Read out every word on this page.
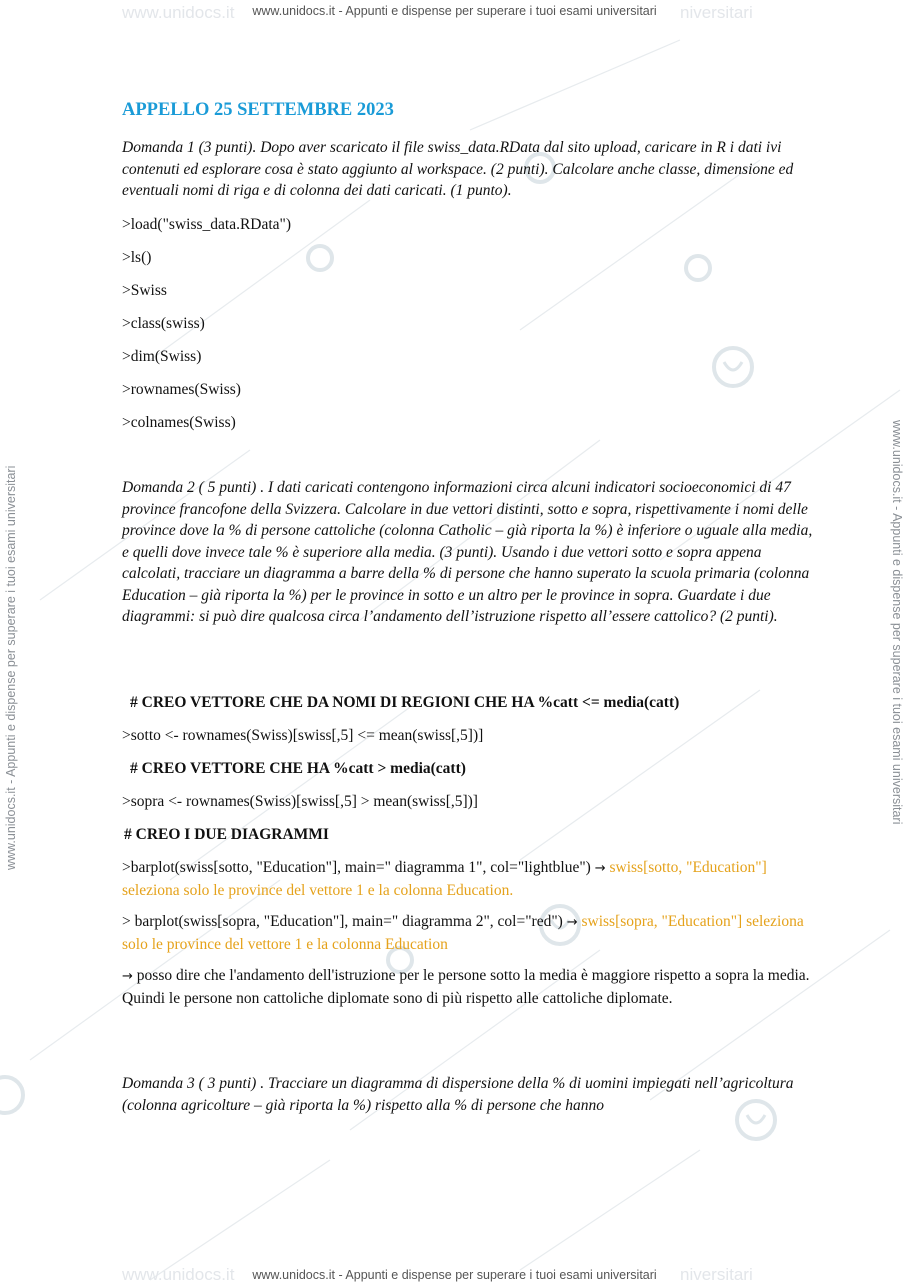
www.unidocs.it	niversitari
www.unidocs.it	niversitari
www.unidocs.it - Appunti e dispense per superare i tuoi esami universitari
www.unidocs.it - Appunti e dispense per superare i tuoi esami universitari
www.unidocs.it - Appunti e dispense per superare i tuoi esami universitari	www.unidocs.it - Appunti e dispense per superare i tuoi esami universitari
APPELLO 25 SETTEMBRE 2023

Domanda 1 (3 punti). Dopo aver scaricato il file swiss_data.RData dal sito upload, caricare in R i dati ivi contenuti ed esplorare cosa è stato aggiunto al workspace. (2 punti). Calcolare anche classe, dimensione ed eventuali nomi di riga e di colonna dei dati caricati. (1 punto).

>load("swiss_data.RData")

>ls()

>Swiss

>class(swiss)

>dim(Swiss)

>rownames(Swiss)

>colnames(Swiss)

Domanda 2 ( 5 punti) . I dati caricati contengono informazioni circa alcuni indicatori socioeconomici di 47 province francofone della Svizzera. Calcolare in due vettori distinti, sotto e sopra, rispettivamente i nomi delle province dove la % di persone cattoliche (colonna Catholic – già riporta la %) è inferiore o uguale alla media, e quelli dove invece tale % è superiore alla media. (3 punti). Usando i due vettori sotto e sopra appena calcolati, tracciare un diagramma a barre della % di persone che hanno superato la scuola primaria (colonna Education – già riporta la %) per le province in sotto e un altro per le province in sopra. Guardate i due diagrammi: si può dire qualcosa circa l’andamento dell’istruzione rispetto all’essere cattolico? (2 punti).

# CREO VETTORE CHE DA NOMI DI REGIONI CHE HA %catt <= media(catt)

>sotto <- rownames(Swiss)[swiss[,5] <= mean(swiss[,5])]

# CREO VETTORE CHE HA %catt > media(catt)

>sopra <- rownames(Swiss)[swiss[,5] > mean(swiss[,5])]

# CREO I DUE DIAGRAMMI

>barplot(swiss[sotto, "Education"], main=" diagramma 1", col="lightblue") → swiss[sotto, "Education"] seleziona solo le province del vettore 1 e la colonna Education.

> barplot(swiss[sopra, "Education"], main=" diagramma 2", col="red") → swiss[sopra, "Education"] seleziona solo le province del vettore 1 e la colonna Education

→ posso dire che l'andamento dell'istruzione per le persone sotto la media è maggiore rispetto a sopra la media. Quindi le persone non cattoliche diplomate sono di più rispetto alle cattoliche diplomate.

Domanda 3 ( 3 punti) . Tracciare un diagramma di dispersione della % di uomini impiegati nell’agricoltura (colonna agricolture – già riporta la %) rispetto alla % di persone che hanno
